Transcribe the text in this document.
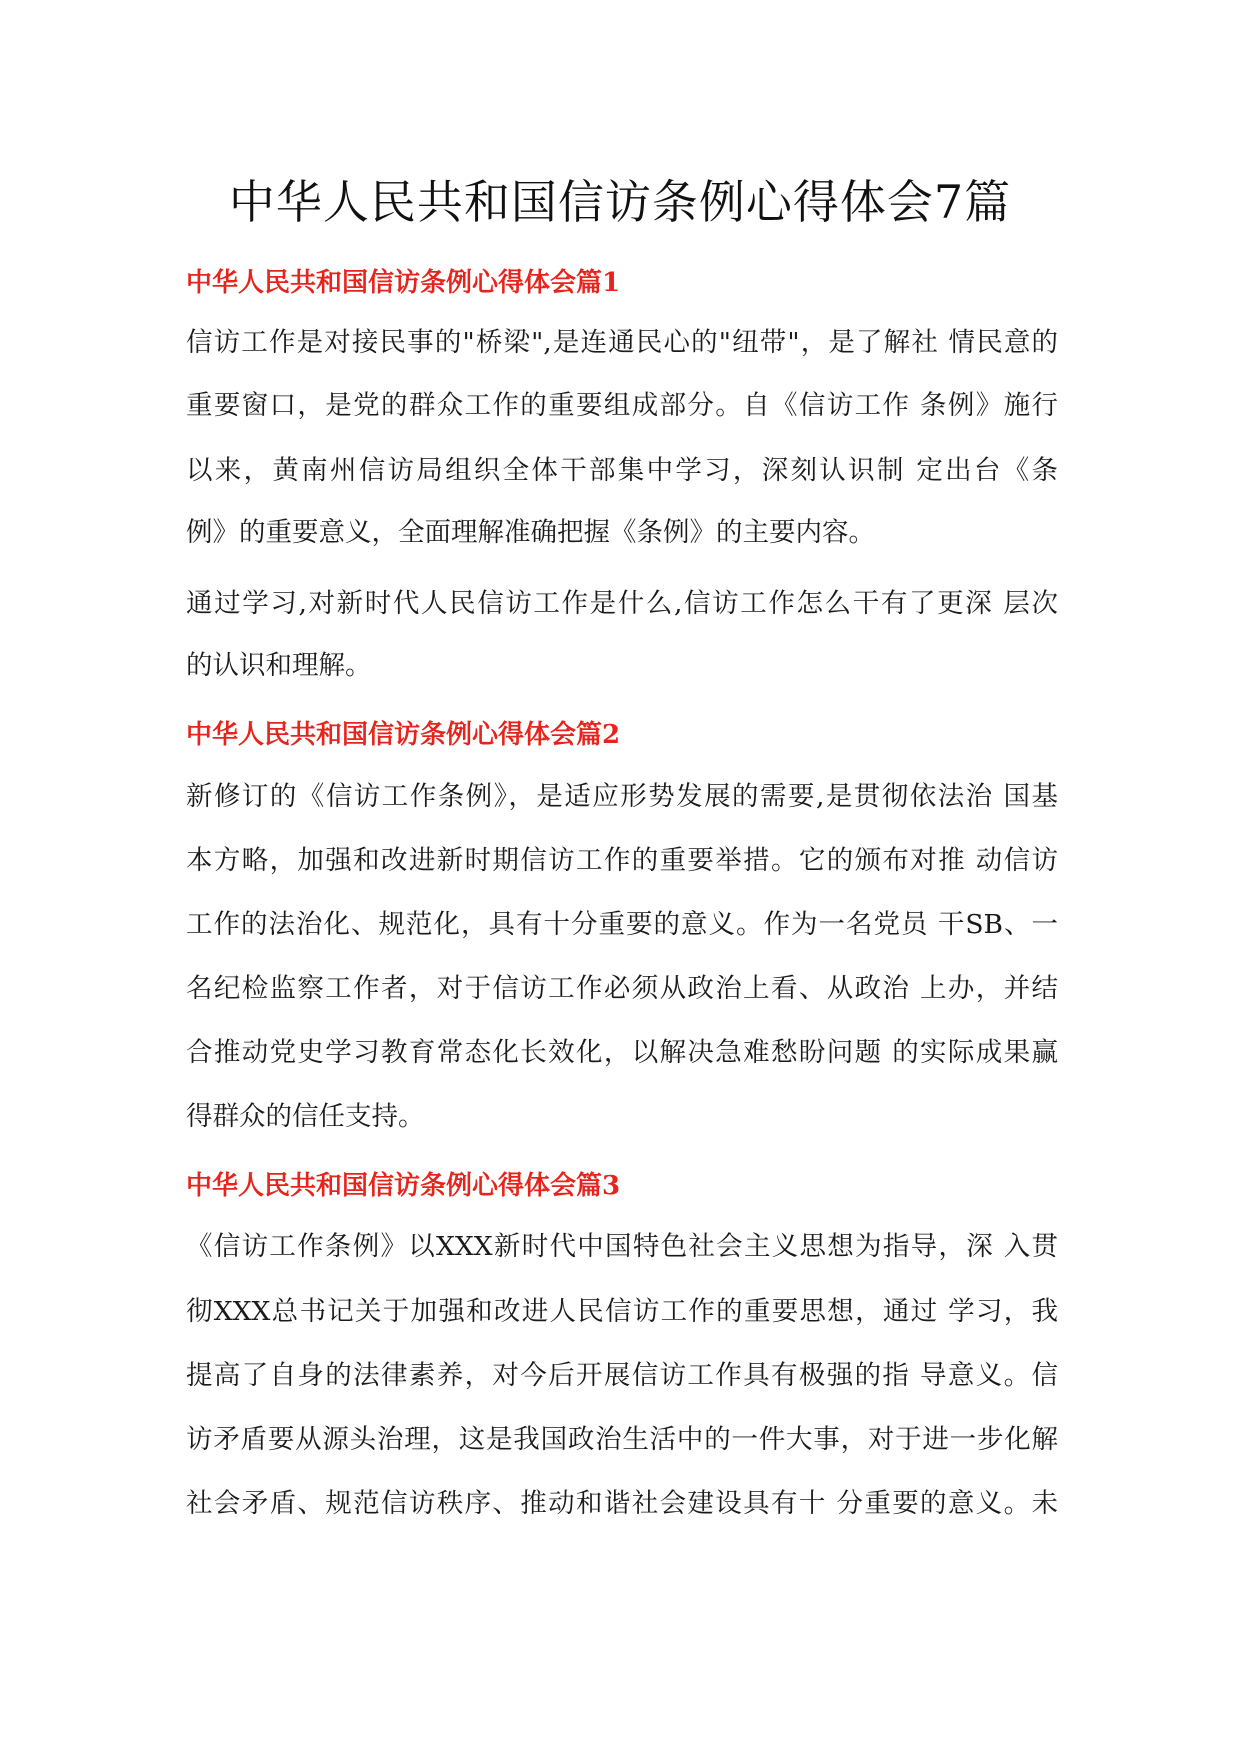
中华人民共和国信访条例心得体会7篇
中华人民共和国信访条例心得体会篇1

信访工作是对接民事的"桥梁",是连通民心的"纽带"，是了解社 情民意的

重要窗口，是党的群众工作的重要组成部分。自《信访工作 条例》施行

以来，黄南州信访局组织全体干部集中学习，深刻认识制 定出台《条

例》的重要意义，全面理解准确把握《条例》的主要内容。

通过学习,对新时代人民信访工作是什么,信访工作怎么干有了更深 层次

的认识和理解。

中华人民共和国信访条例心得体会篇2

新修订的《信访工作条例》，是适应形势发展的需要,是贯彻依法治 国基

本方略，加强和改进新时期信访工作的重要举措。它的颁布对推 动信访

工作的法治化、规范化，具有十分重要的意义。作为一名党员 干SB、一

名纪检监察工作者，对于信访工作必须从政治上看、从政治 上办，并结

合推动党史学习教育常态化长效化，以解决急难愁盼问题 的实际成果赢

得群众的信任支持。

中华人民共和国信访条例心得体会篇3

《信访工作条例》以XXX新时代中国特色社会主义思想为指导，深 入贯

彻XXX总书记关于加强和改进人民信访工作的重要思想，通过 学习，我

提高了自身的法律素养，对今后开展信访工作具有极强的指 导意义。信

访矛盾要从源头治理，这是我国政治生活中的一件大事，对于进一步化解

社会矛盾、规范信访秩序、推动和谐社会建设具有十 分重要的意义。未
